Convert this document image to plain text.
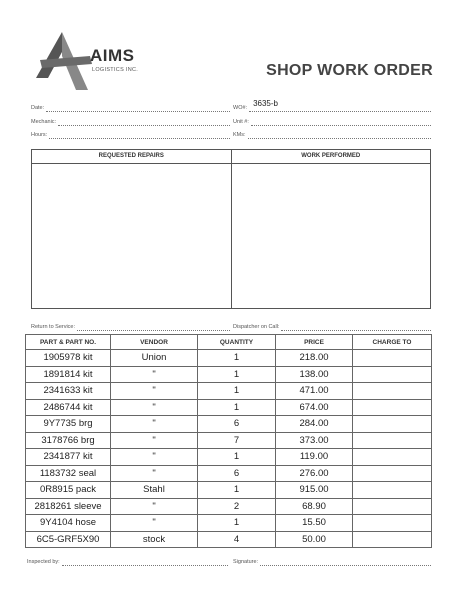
AIMS
LOGISTICS INC.	SHOP WORK ORDER
Date:	WO#: 3635-b
Mechanic:	Unit #:
Hours:	KMs:
REQUESTED REPAIRS	WORK PERFORMED
Return to Service:	Dispatcher on Call:
PART & PART NO.	VENDOR	QUANTITY	PRICE	CHARGE TO
1905978 kit	Union	1	218.00	
1891814 kit	"	1	138.00	
2341633 kit	"	1	471.00	
2486744 kit	"	1	674.00	
9Y7735 brg	"	6	284.00	
3178766 brg	"	7	373.00	
2341877 kit	"	1	119.00	
1183732 seal	"	6	276.00	
0R8915 pack	Stahl	1	915.00	
2818261 sleeve	"	2	68.90	
9Y4104 hose	"	1	15.50	
6C5-GRF5X90	stock	4	50.00	
Inspected by:	Signature:
